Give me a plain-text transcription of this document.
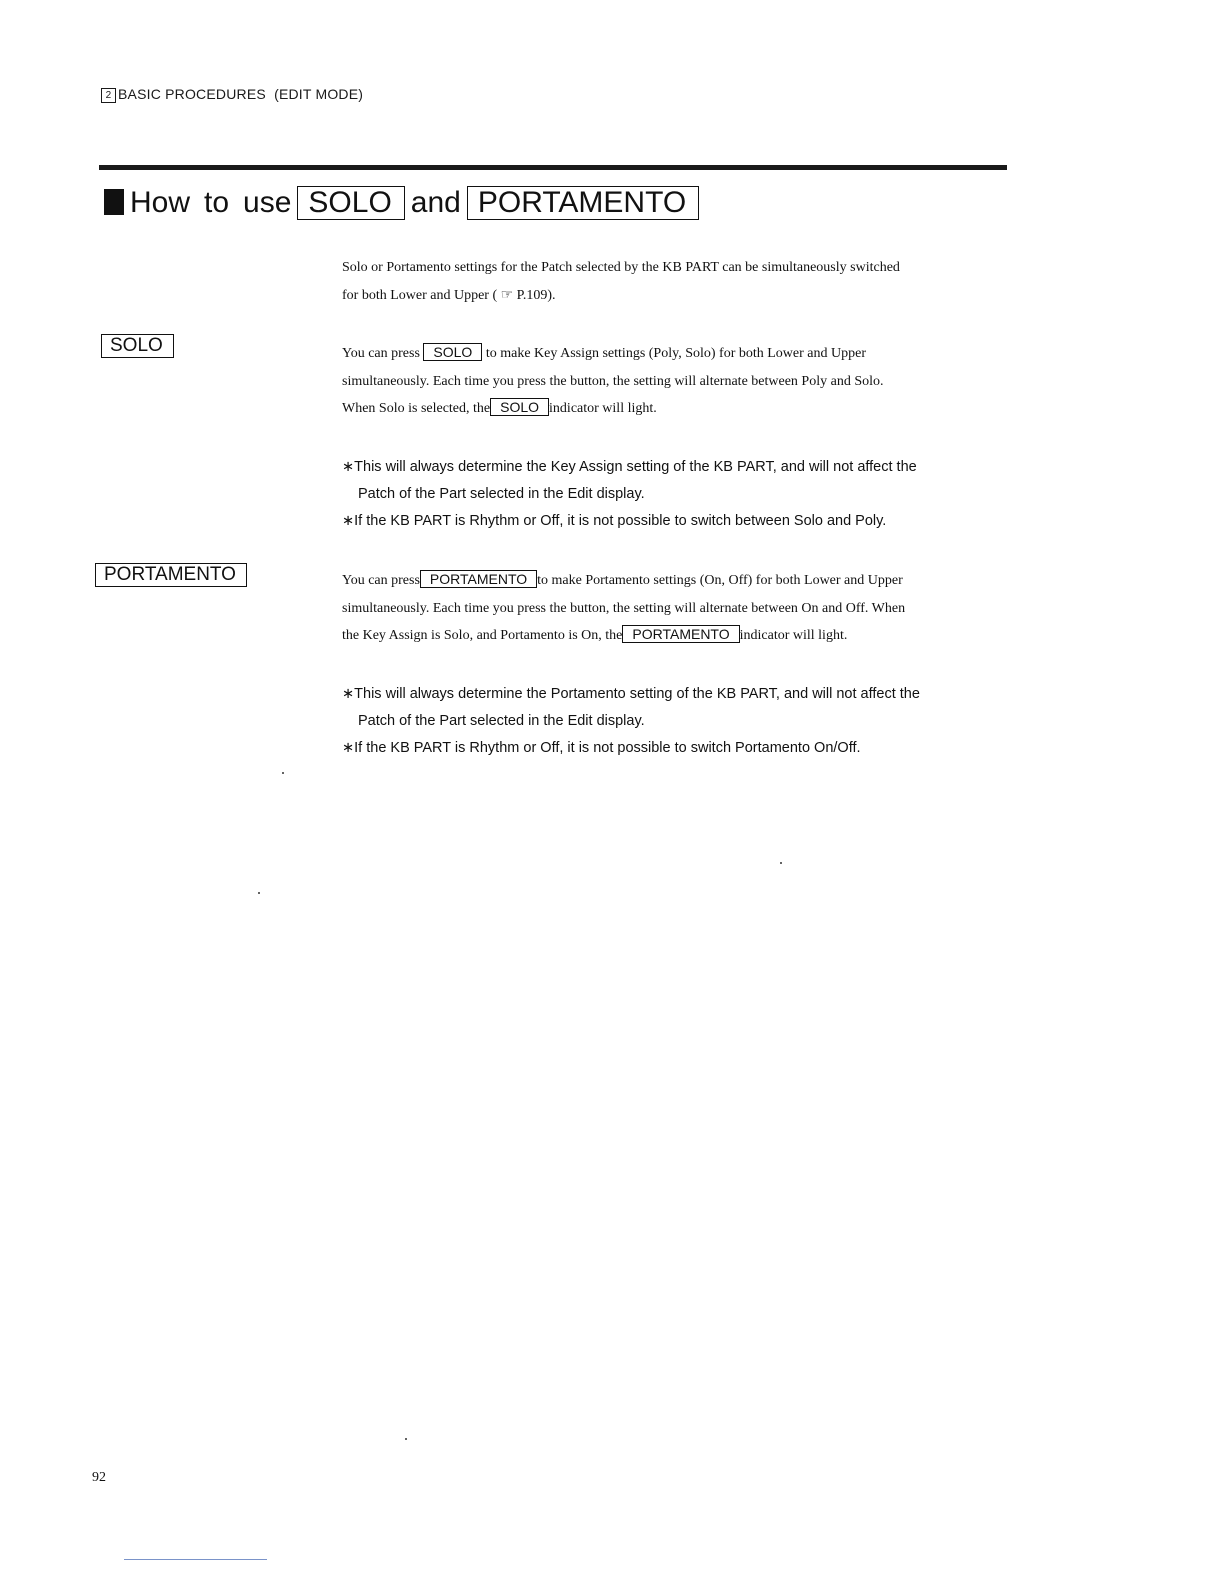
2 BASIC PROCEDURES (EDIT MODE)
How to use SOLO and PORTAMENTO
Solo or Portamento settings for the Patch selected by the KB PART can be simultaneously switched
for both Lower and Upper ( ☞ P.109).
SOLO	You can press SOLO to make Key Assign settings (Poly, Solo) for both Lower and Upper
simultaneously. Each time you press the button, the setting will alternate between Poly and Solo.
When Solo is selected, the SOLO indicator will light.

∗This will always determine the Key Assign setting of the KB PART, and will not affect the

Patch of the Part selected in the Edit display.

∗If the KB PART is Rhythm or Off, it is not possible to switch between Solo and Poly.

PORTAMENTO	You can press PORTAMENTO to make Portamento settings (On, Off) for both Lower and Upper
simultaneously. Each time you press the button, the setting will alternate between On and Off. When
the Key Assign is Solo, and Portamento is On, the PORTAMENTO indicator will light.

∗This will always determine the Portamento setting of the KB PART, and will not affect the

Patch of the Part selected in the Edit display.

∗If the KB PART is Rhythm or Off, it is not possible to switch Portamento On/Off.

92
